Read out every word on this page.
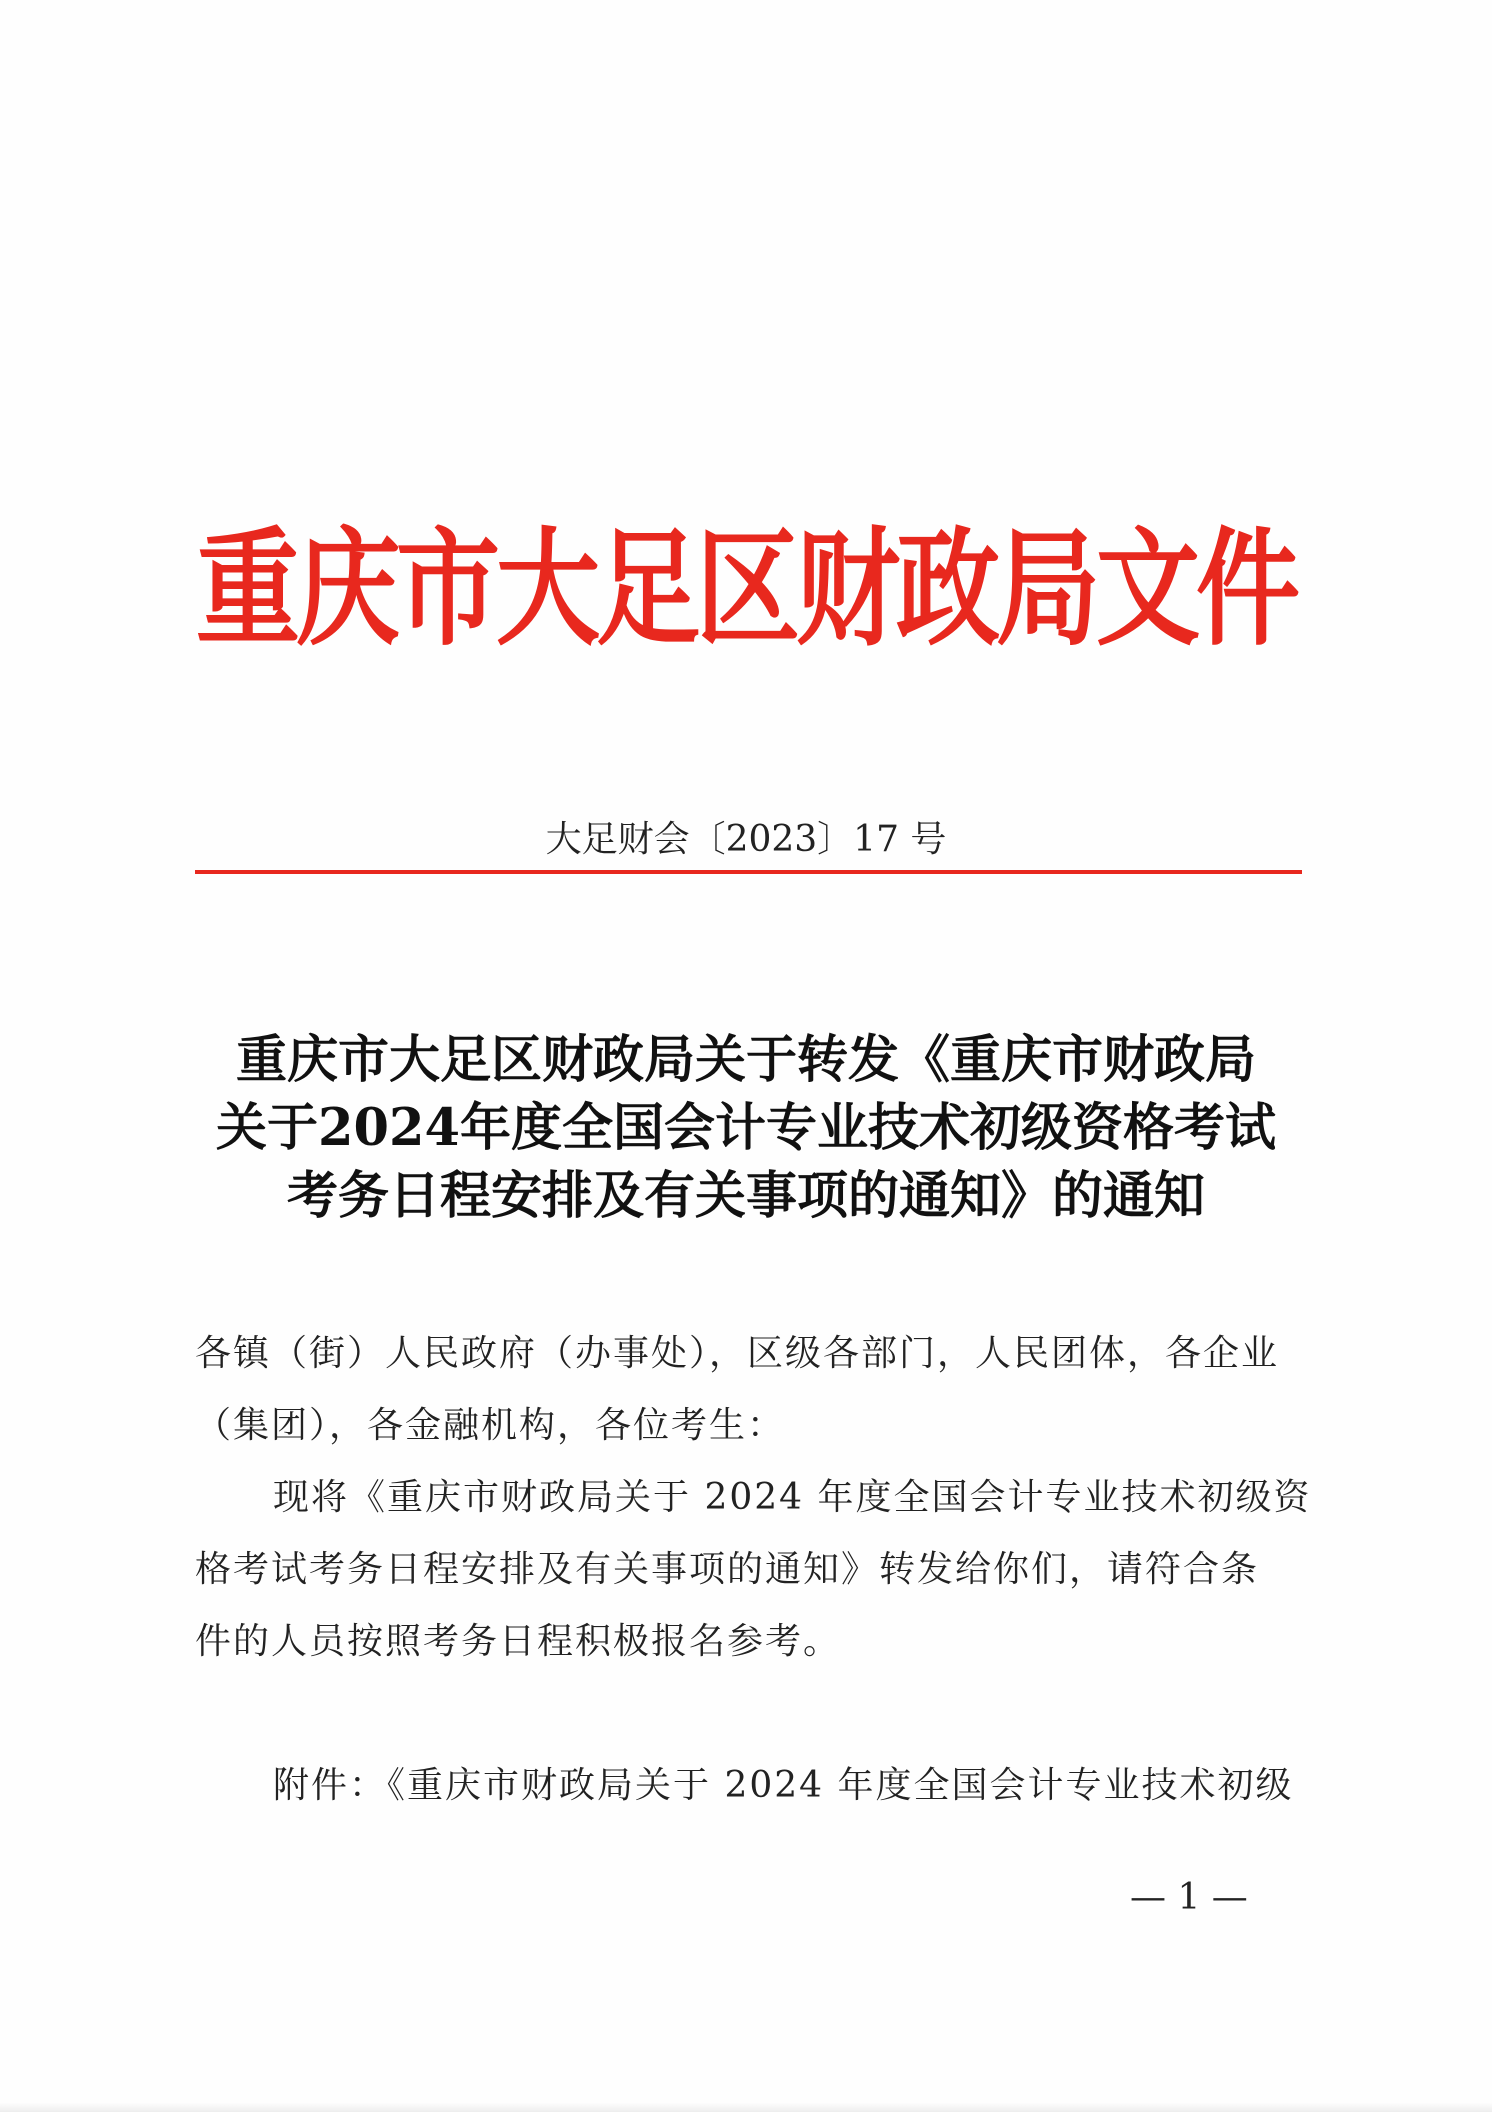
重庆市大足区财政局文件
大足财会〔2023〕17 号
重庆市大足区财政局关于转发《重庆市财政局
关于2024年度全国会计专业技术初级资格考试
考务日程安排及有关事项的通知》的通知
各镇（街）人民政府（办事处），区级各部门，人民团体，各企业
（集团），各金融机构，各位考生：
现将《重庆市财政局关于 2024 年度全国会计专业技术初级资
格考试考务日程安排及有关事项的通知》转发给你们，请符合条
件的人员按照考务日程积极报名参考。
附件：《重庆市财政局关于 2024 年度全国会计专业技术初级
— 1 —
